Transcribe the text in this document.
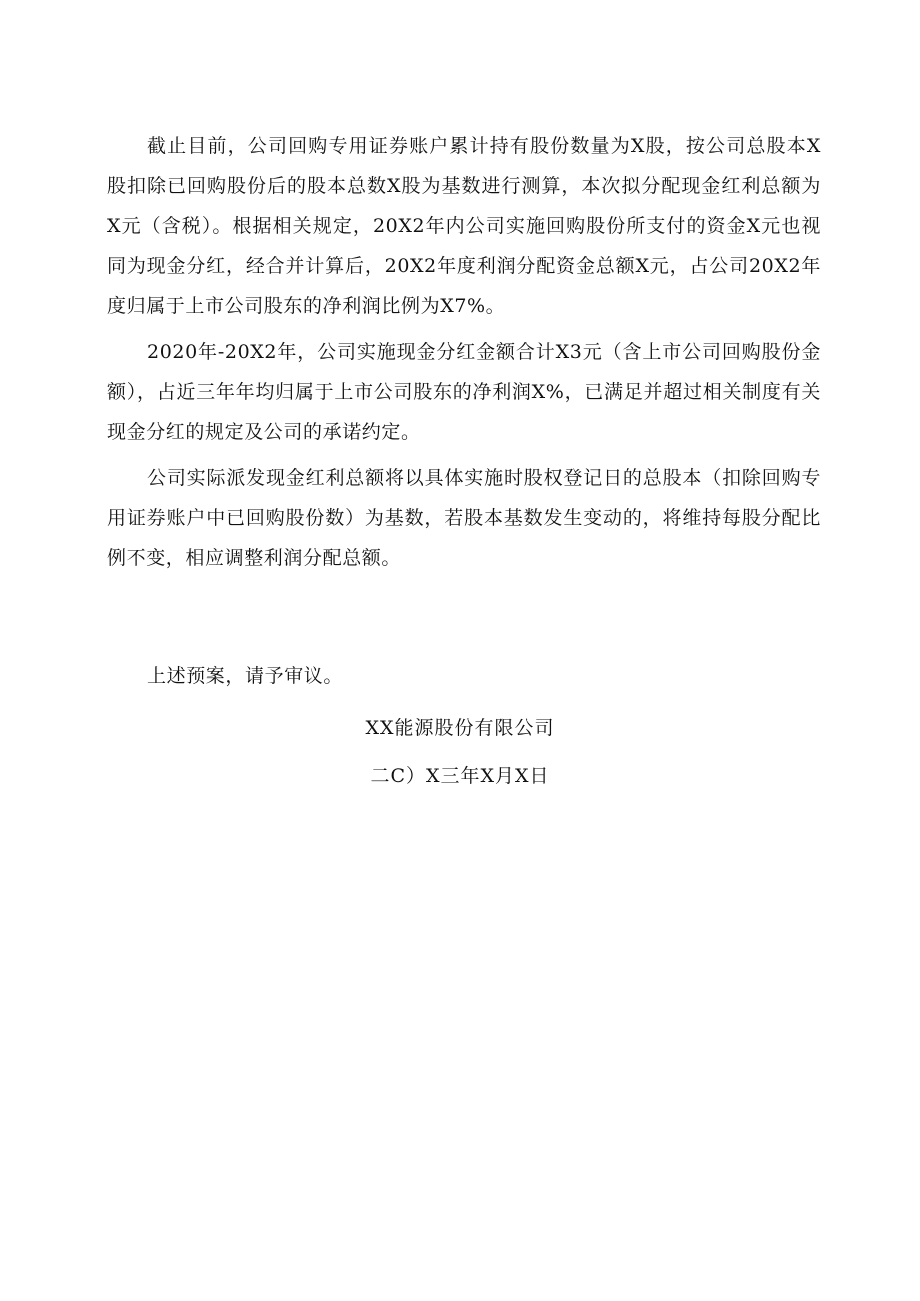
截止目前，公司回购专用证券账户累计持有股份数量为X股，按公司总股本X股扣除已回购股份后的股本总数X股为基数进行测算，本次拟分配现金红利总额为X元（含税）。根据相关规定，20X2年内公司实施回购股份所支付的资金X元也视同为现金分红，经合并计算后，20X2年度利润分配资金总额X元，占公司20X2年度归属于上市公司股东的净利润比例为X7%。

2020年-20X2年，公司实施现金分红金额合计X3元（含上市公司回购股份金额），占近三年年均归属于上市公司股东的净利润X%，已满足并超过相关制度有关现金分红的规定及公司的承诺约定。

公司实际派发现金红利总额将以具体实施时股权登记日的总股本（扣除回购专用证券账户中已回购股份数）为基数，若股本基数发生变动的，将维持每股分配比例不变，相应调整利润分配总额。

上述预案，请予审议。

XX能源股份有限公司

二C）X三年X月X日
